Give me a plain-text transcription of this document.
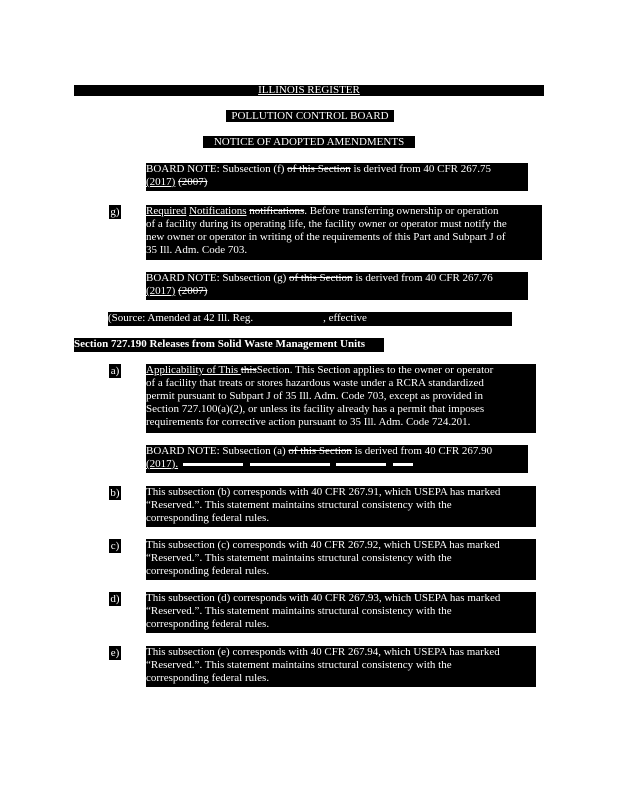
ILLINOIS REGISTER
POLLUTION CONTROL BOARD
NOTICE OF ADOPTED AMENDMENTS
BOARD NOTE: Subsection (f) of this Section is derived from 40 CFR 267.75
(2017) (2007)
g) Required Notifications notifications. Before transferring ownership or operation
of a facility during its operating life, the facility owner or operator must notify the
new owner or operator in writing of the requirements of this Part and Subpart J of
35 Ill. Adm. Code 703.
BOARD NOTE: Subsection (g) of this Section is derived from 40 CFR 267.76
(2017) (2007)
(Source: Amended at 42 Ill. Reg.	, effective	)
Section 727.190 Releases from Solid Waste Management Units
a) Applicability of This thisSection. This Section applies to the owner or operator
of a facility that treats or stores hazardous waste under a RCRA standardized
permit pursuant to Subpart J of 35 Ill. Adm. Code 703, except as provided in
Section 727.100(a)(2), or unless its facility already has a permit that imposes
requirements for corrective action pursuant to 35 Ill. Adm. Code 724.201.
BOARD NOTE: Subsection (a) of this Section is derived from 40 CFR 267.90
(2017).
b) This subsection (b) corresponds with 40 CFR 267.91, which USEPA has marked
“Reserved.”. This statement maintains structural consistency with the
corresponding federal rules.
c) This subsection (c) corresponds with 40 CFR 267.92, which USEPA has marked
“Reserved.”. This statement maintains structural consistency with the
corresponding federal rules.
d) This subsection (d) corresponds with 40 CFR 267.93, which USEPA has marked
“Reserved.”. This statement maintains structural consistency with the
corresponding federal rules.
e) This subsection (e) corresponds with 40 CFR 267.94, which USEPA has marked
“Reserved.”. This statement maintains structural consistency with the
corresponding federal rules.
